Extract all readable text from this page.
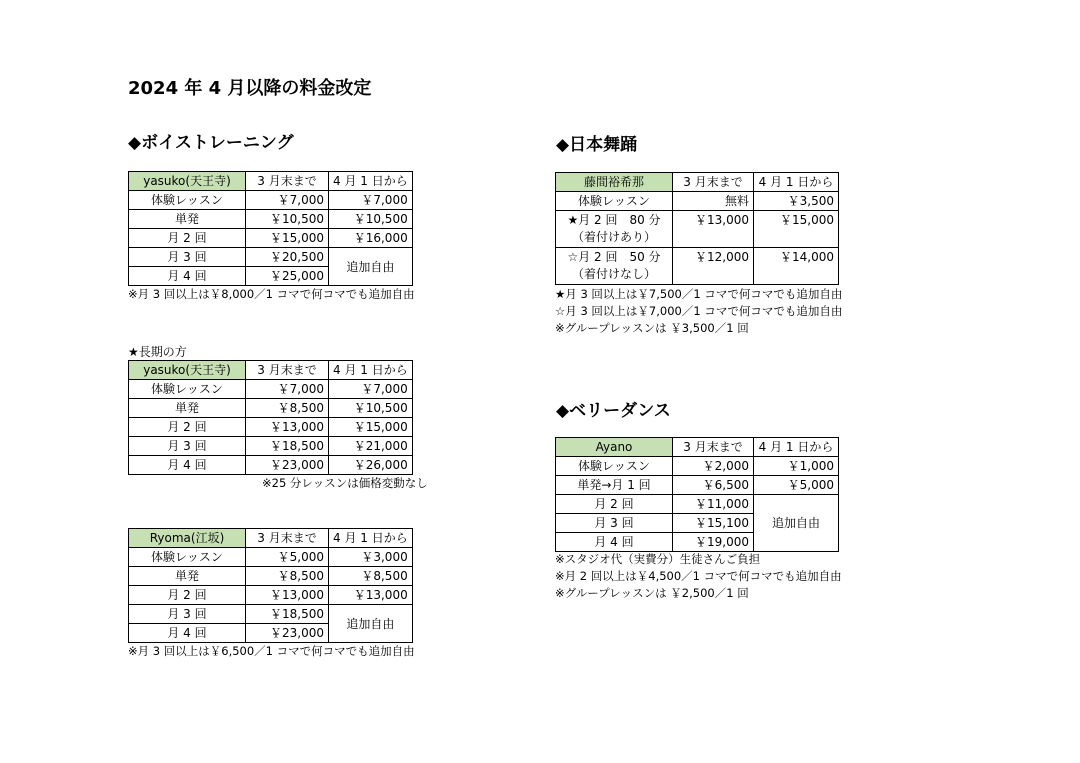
2024 年 4 月以降の料金改定
◆ボイストレーニング
yasuko(天王寺)	3 月末まで	4 月 1 日から
体験レッスン	￥7,000	￥7,000
単発	￥10,500	￥10,500
月 2 回	￥15,000	￥16,000
月 3 回	￥20,500	追加自由
月 4 回	￥25,000	
※月 3 回以上は￥8,000／1 コマで何コマでも追加自由
★長期の方
yasuko(天王寺)	3 月末まで	4 月 1 日から
体験レッスン	￥7,000	￥7,000
単発	￥8,500	￥10,500
月 2 回	￥13,000	￥15,000
月 3 回	￥18,500	￥21,000
月 4 回	￥23,000	￥26,000
※25 分レッスンは価格変動なし
Ryoma(江坂)	3 月末まで	4 月 1 日から
体験レッスン	￥5,000	￥3,000
単発	￥8,500	￥8,500
月 2 回	￥13,000	￥13,000
月 3 回	￥18,500	追加自由
月 4 回	￥23,000	
※月 3 回以上は￥6,500／1 コマで何コマでも追加自由
◆日本舞踊
藤間裕希那	3 月末まで	4 月 1 日から
体験レッスン	無料	￥3,500

★月 2 回　80 分
（着付けあり）	￥13,000	￥15,000

☆月 2 回　50 分
（着付けなし）	￥12,000	￥14,000
★月 3 回以上は￥7,500／1 コマで何コマでも追加自由
☆月 3 回以上は￥7,000／1 コマで何コマでも追加自由
※グループレッスンは ￥3,500／1 回
◆ベリーダンス
Ayano	3 月末まで	4 月 1 日から
体験レッスン	￥2,000	￥1,000
単発→月 1 回	￥6,500	￥5,000
月 2 回	￥11,000	追加自由
月 3 回	￥15,100	
月 4 回	￥19,000	
※スタジオ代（実費分）生徒さんご負担
※月 2 回以上は￥4,500／1 コマで何コマでも追加自由
※グループレッスンは ￥2,500／1 回
